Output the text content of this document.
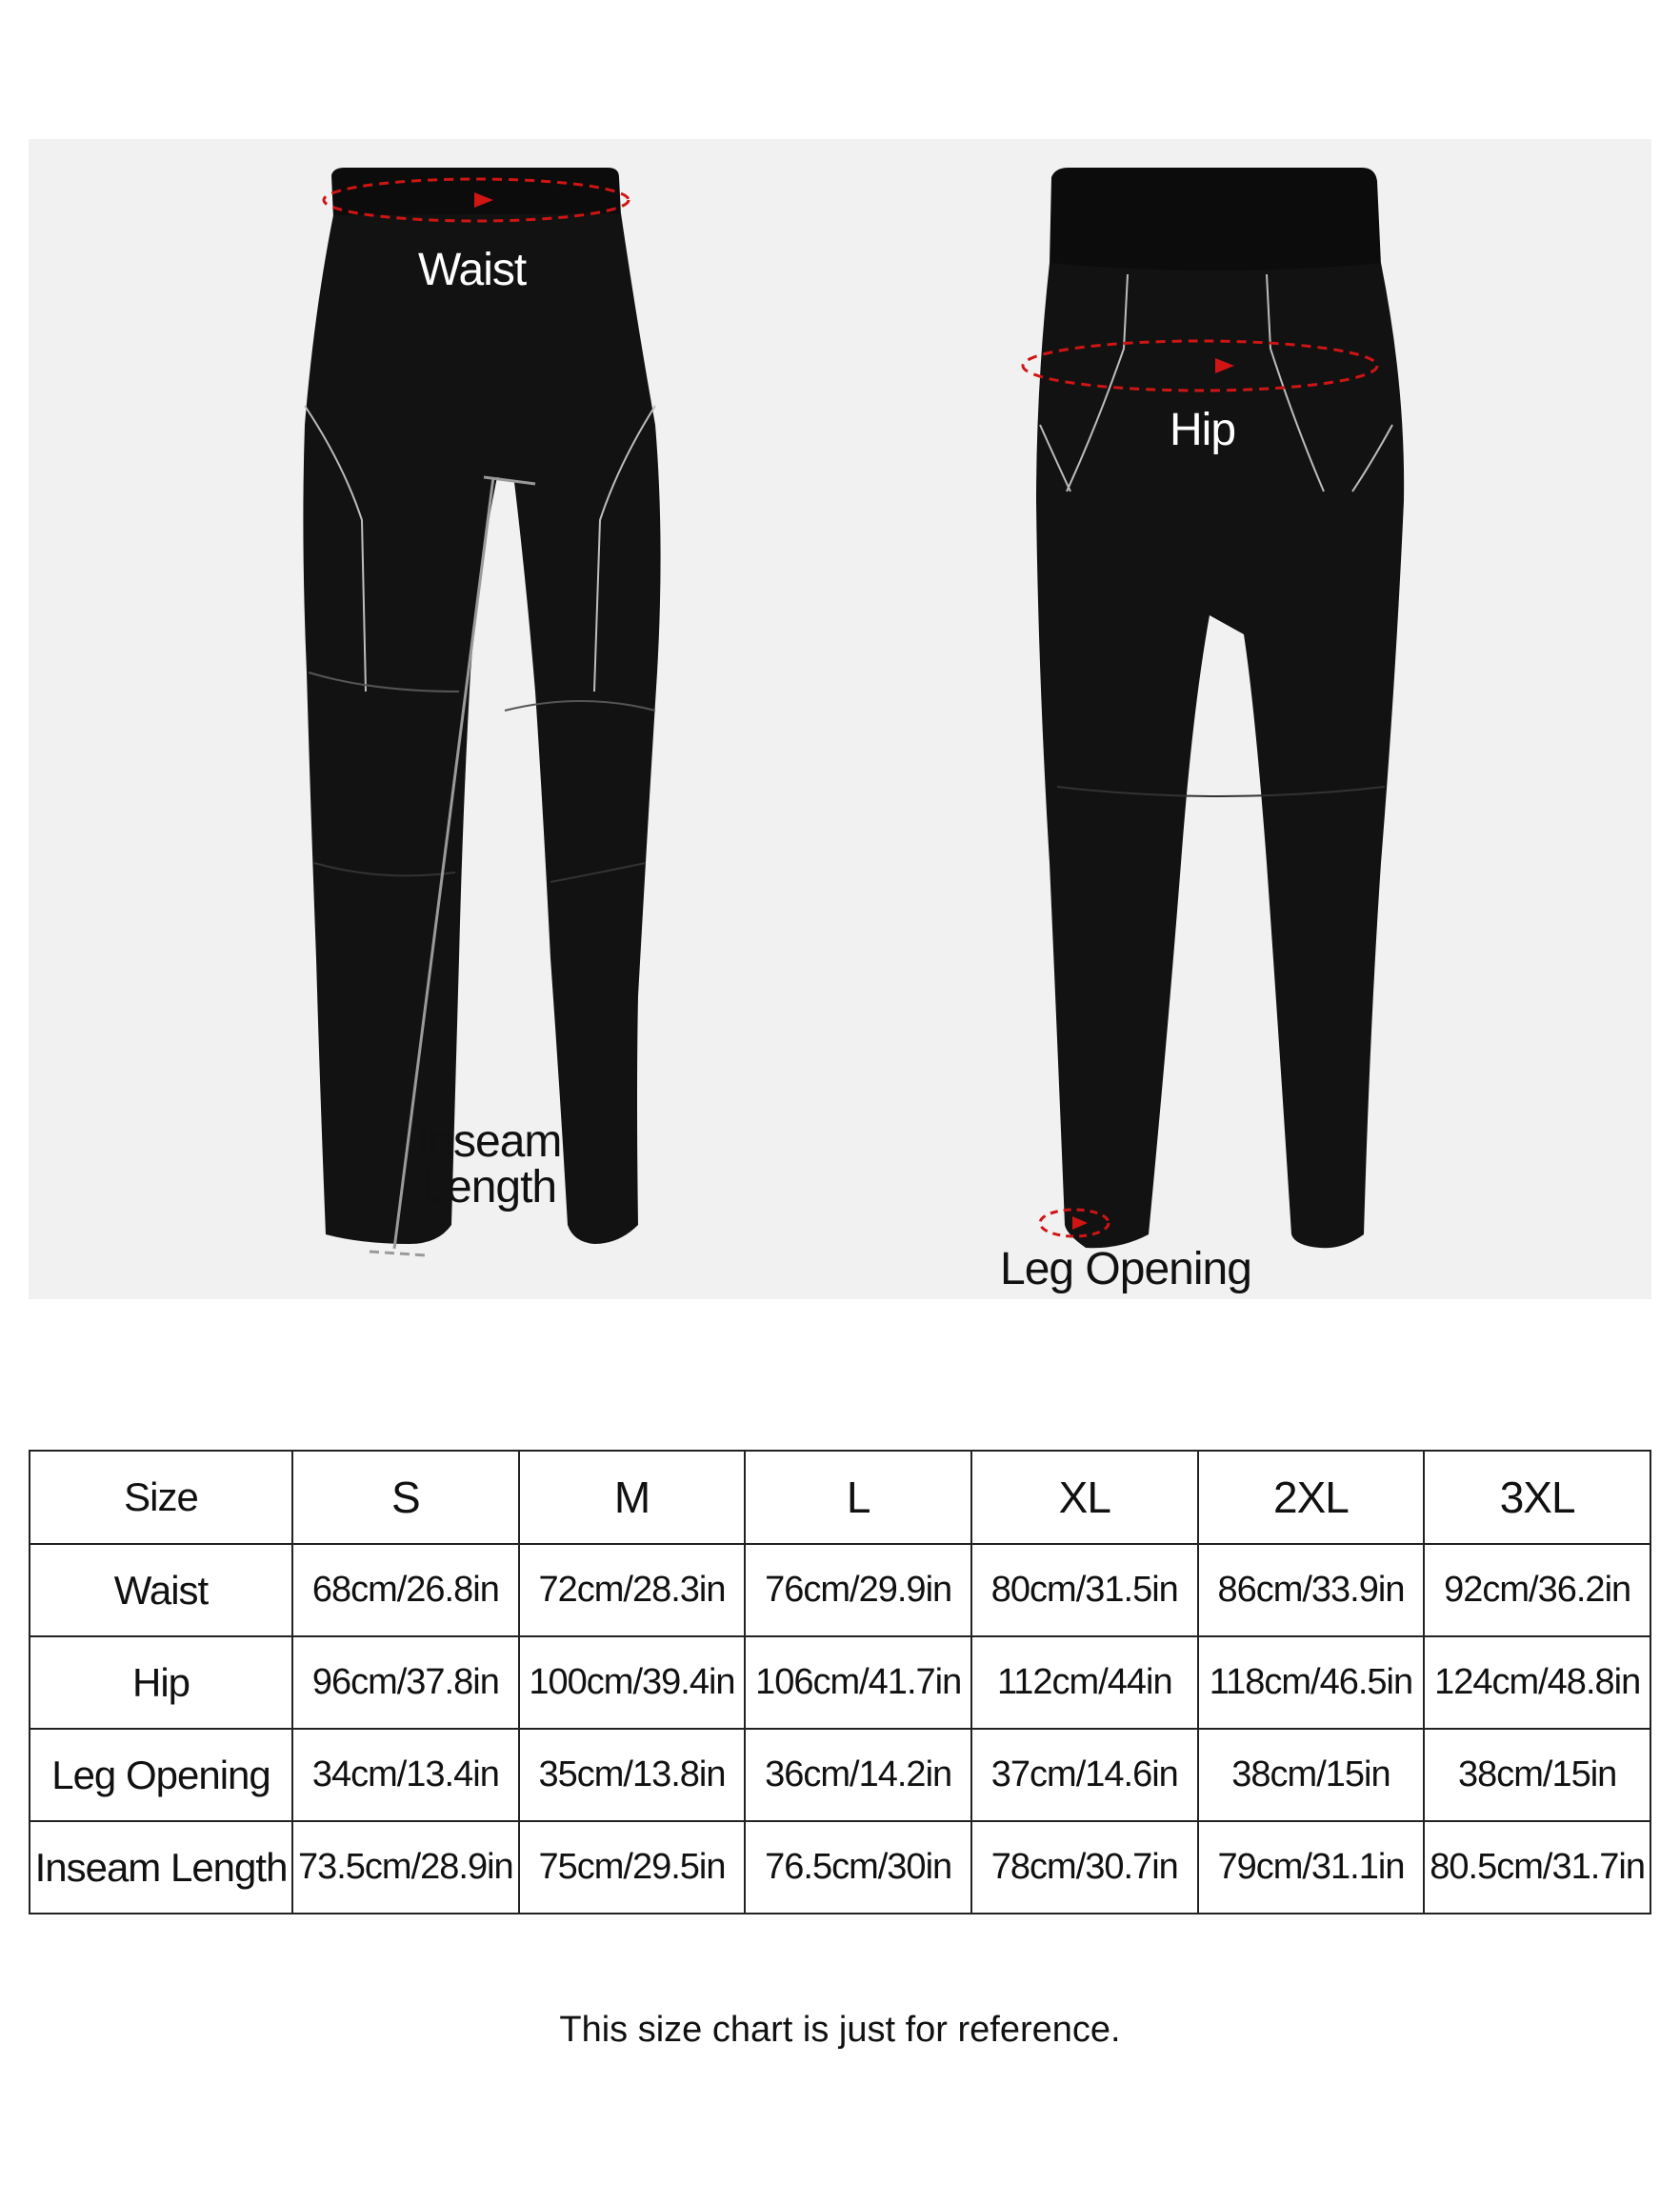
Waist
Inseam
Length
Hip
Leg Opening
Size	S	M	L	XL	2XL	3XL
Waist	68cm/26.8in	72cm/28.3in	76cm/29.9in	80cm/31.5in	86cm/33.9in	92cm/36.2in
Hip	96cm/37.8in	100cm/39.4in	106cm/41.7in	112cm/44in	118cm/46.5in	124cm/48.8in
Leg Opening	34cm/13.4in	35cm/13.8in	36cm/14.2in	37cm/14.6in	38cm/15in	38cm/15in
Inseam Length	73.5cm/28.9in	75cm/29.5in	76.5cm/30in	78cm/30.7in	79cm/31.1in	80.5cm/31.7in
This size chart is just for reference.
